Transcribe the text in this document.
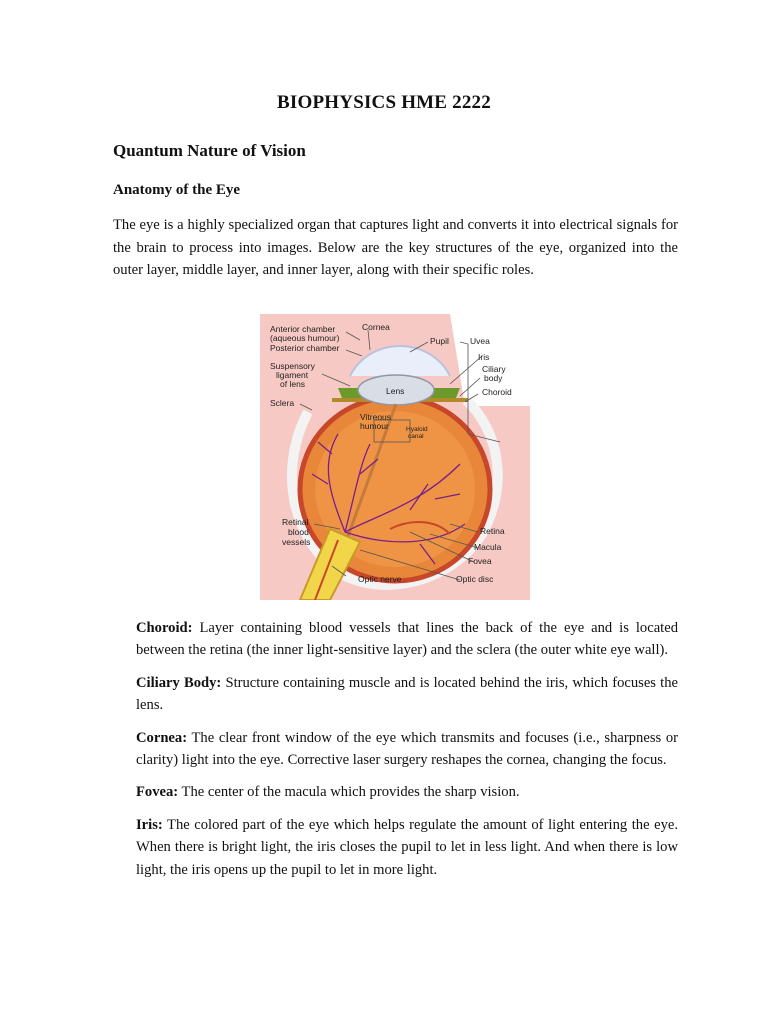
BIOPHYSICS HME 2222
Quantum Nature of Vision
Anatomy of the Eye
The eye is a highly specialized organ that captures light and converts it into electrical signals for the brain to process into images. Below are the key structures of the eye, organized into the outer layer, middle layer, and inner layer, along with their specific roles.
Anterior chamber
(aqueous humour)
Posterior chamber
Cornea
Pupil Uvea
Iris
Ciliary
body
Choroid
Suspensory
ligament
of lens
Lens
Sclera
Vitreous
humour	Hyaloid
canal
Retinal
blood
vessels
Retina
Macula
Fovea
Optic nerve	Optic disc

Choroid: Layer containing blood vessels that lines the back of the eye and is located between the retina (the inner light-sensitive layer) and the sclera (the outer white eye wall).

Ciliary Body: Structure containing muscle and is located behind the iris, which focuses the lens.

Cornea: The clear front window of the eye which transmits and focuses (i.e., sharpness or clarity) light into the eye. Corrective laser surgery reshapes the cornea, changing the focus.

Fovea: The center of the macula which provides the sharp vision.

Iris: The colored part of the eye which helps regulate the amount of light entering the eye. When there is bright light, the iris closes the pupil to let in less light. And when there is low light, the iris opens up the pupil to let in more light.
